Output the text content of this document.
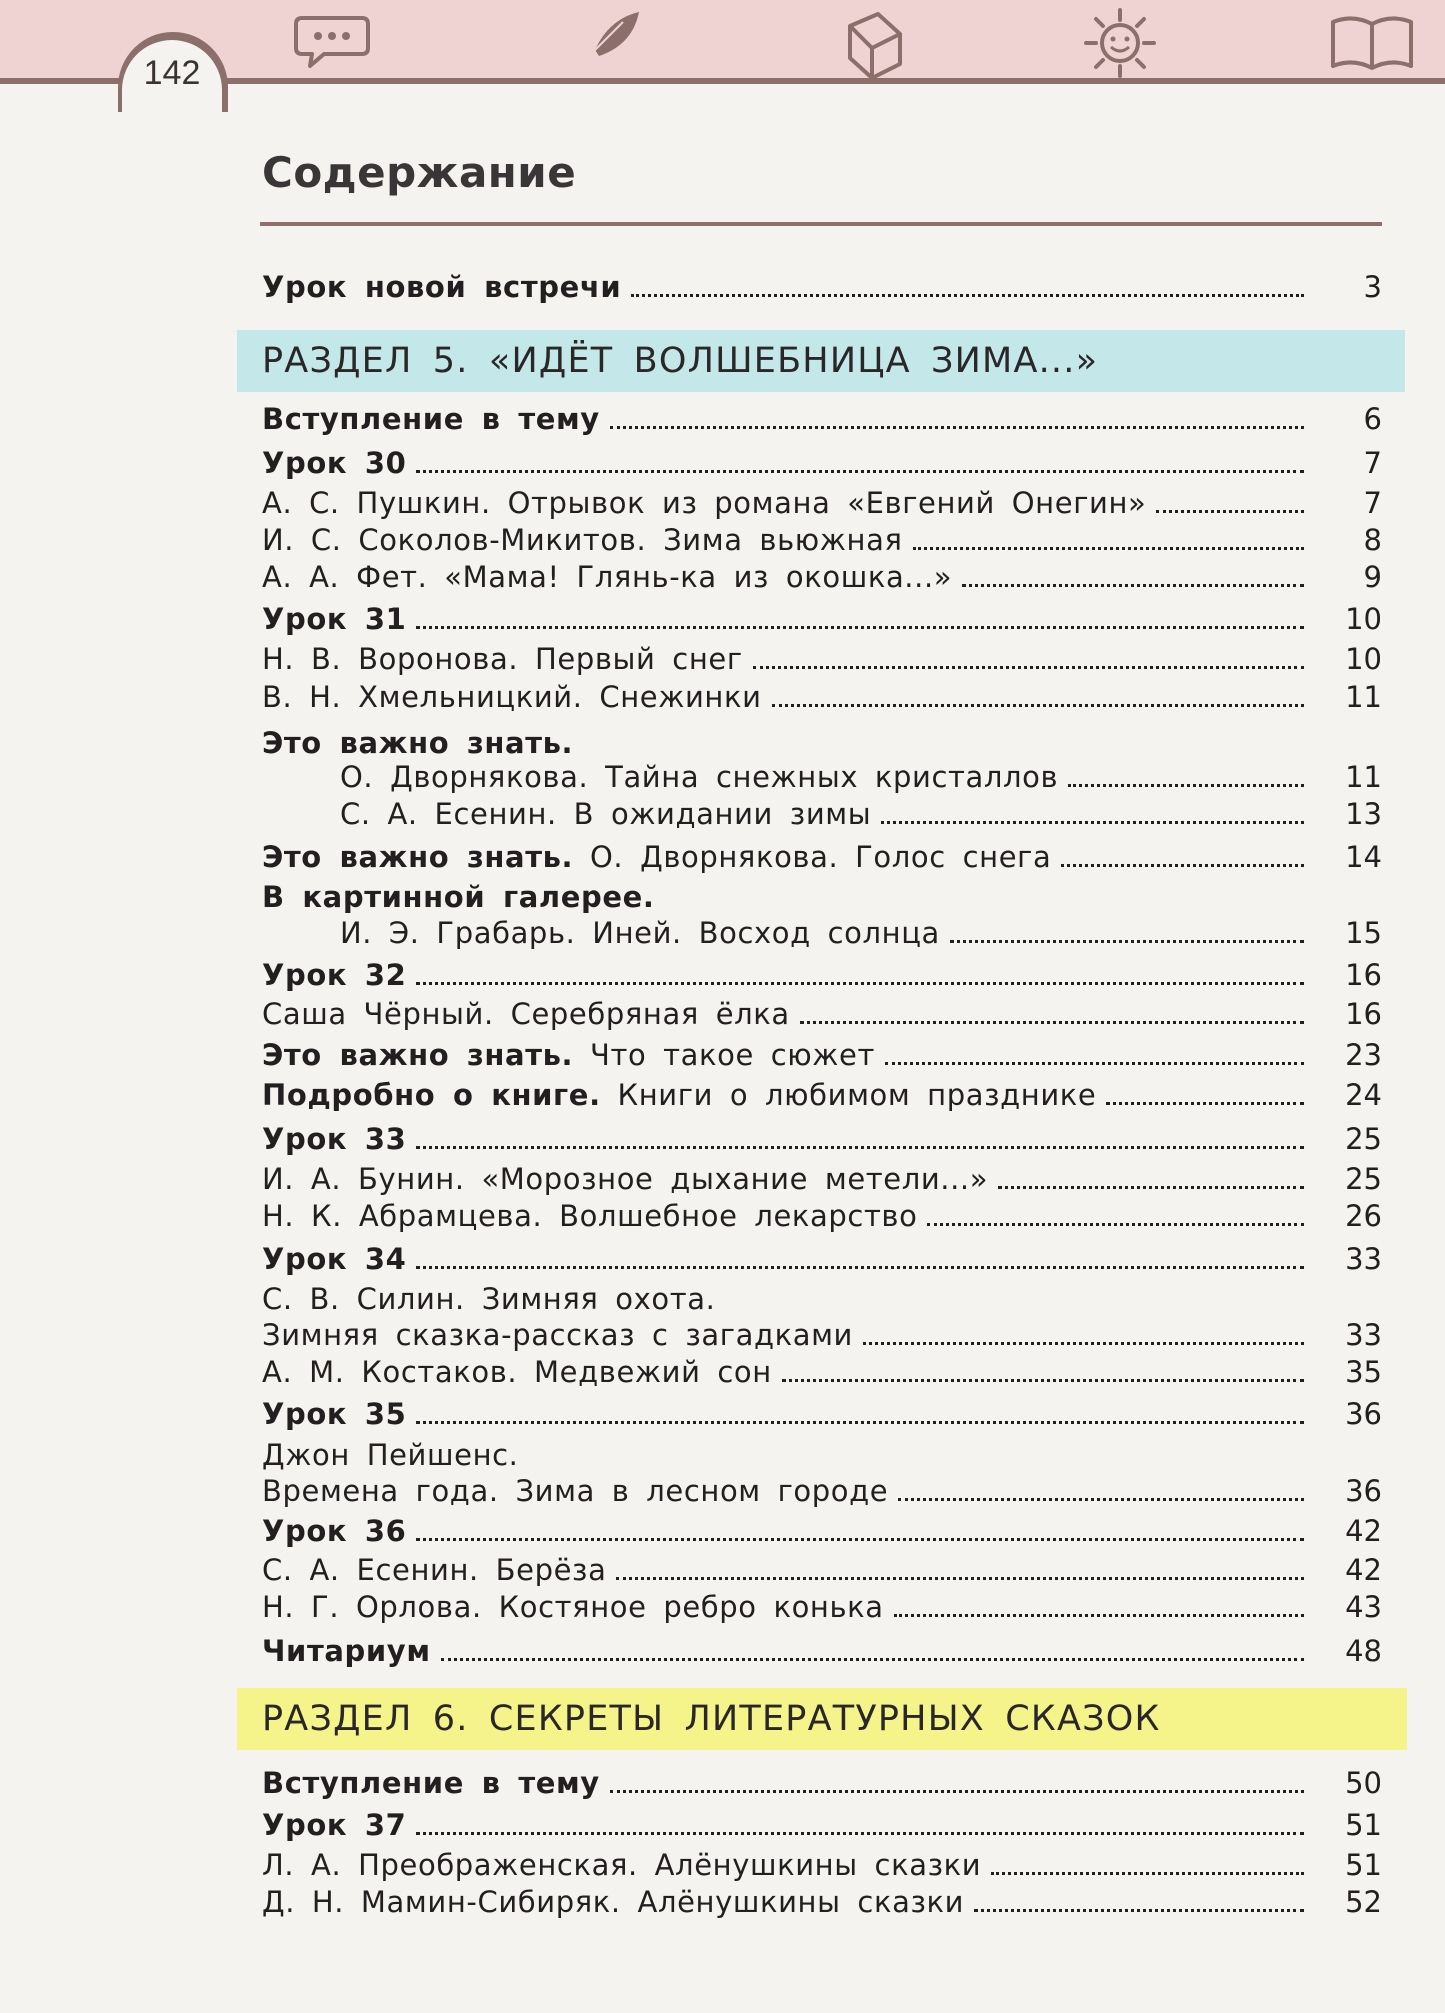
142
Содержание
Урок новой встречи	3
РАЗДЕЛ 5. «ИДЁТ ВОЛШЕБНИЦА ЗИМА...»
Вступление в тему	6
Урок 30	7
А. С. Пушкин. Отрывок из романа «Евгений Онегин»	7
И. С. Соколов-Микитов. Зима вьюжная	8
А. А. Фет. «Мама! Глянь-ка из окошка...»	9
Урок 31	10
Н. В. Воронова. Первый снег	10
В. Н. Хмельницкий. Снежинки	11
Это важно знать.
О. Дворнякова. Тайна снежных кристаллов	11
С. А. Есенин. В ожидании зимы	13
Это важно знать. О. Дворнякова. Голос снега	14
В картинной галерее.
И. Э. Грабарь. Иней. Восход солнца	15
Урок 32	16
Саша Чёрный. Серебряная ёлка	16
Это важно знать. Что такое сюжет	23
Подробно о книге. Книги о любимом празднике	24
Урок 33	25
И. А. Бунин. «Морозное дыхание метели...»	25
Н. К. Абрамцева. Волшебное лекарство	26
Урок 34	33
С. В. Силин. Зимняя охота.
Зимняя сказка-рассказ с загадками	33
А. М. Костаков. Медвежий сон	35
Урок 35	36
Джон Пейшенс.
Времена года. Зима в лесном городе	36
Урок 36	42
С. А. Есенин. Берёза	42
Н. Г. Орлова. Костяное ребро конька	43
Читариум	48
РАЗДЕЛ 6. СЕКРЕТЫ ЛИТЕРАТУРНЫХ СКАЗОК
Вступление в тему	50
Урок 37	51
Л. А. Преображенская. Алёнушкины сказки	51
Д. Н. Мамин-Сибиряк. Алёнушкины сказки	52
